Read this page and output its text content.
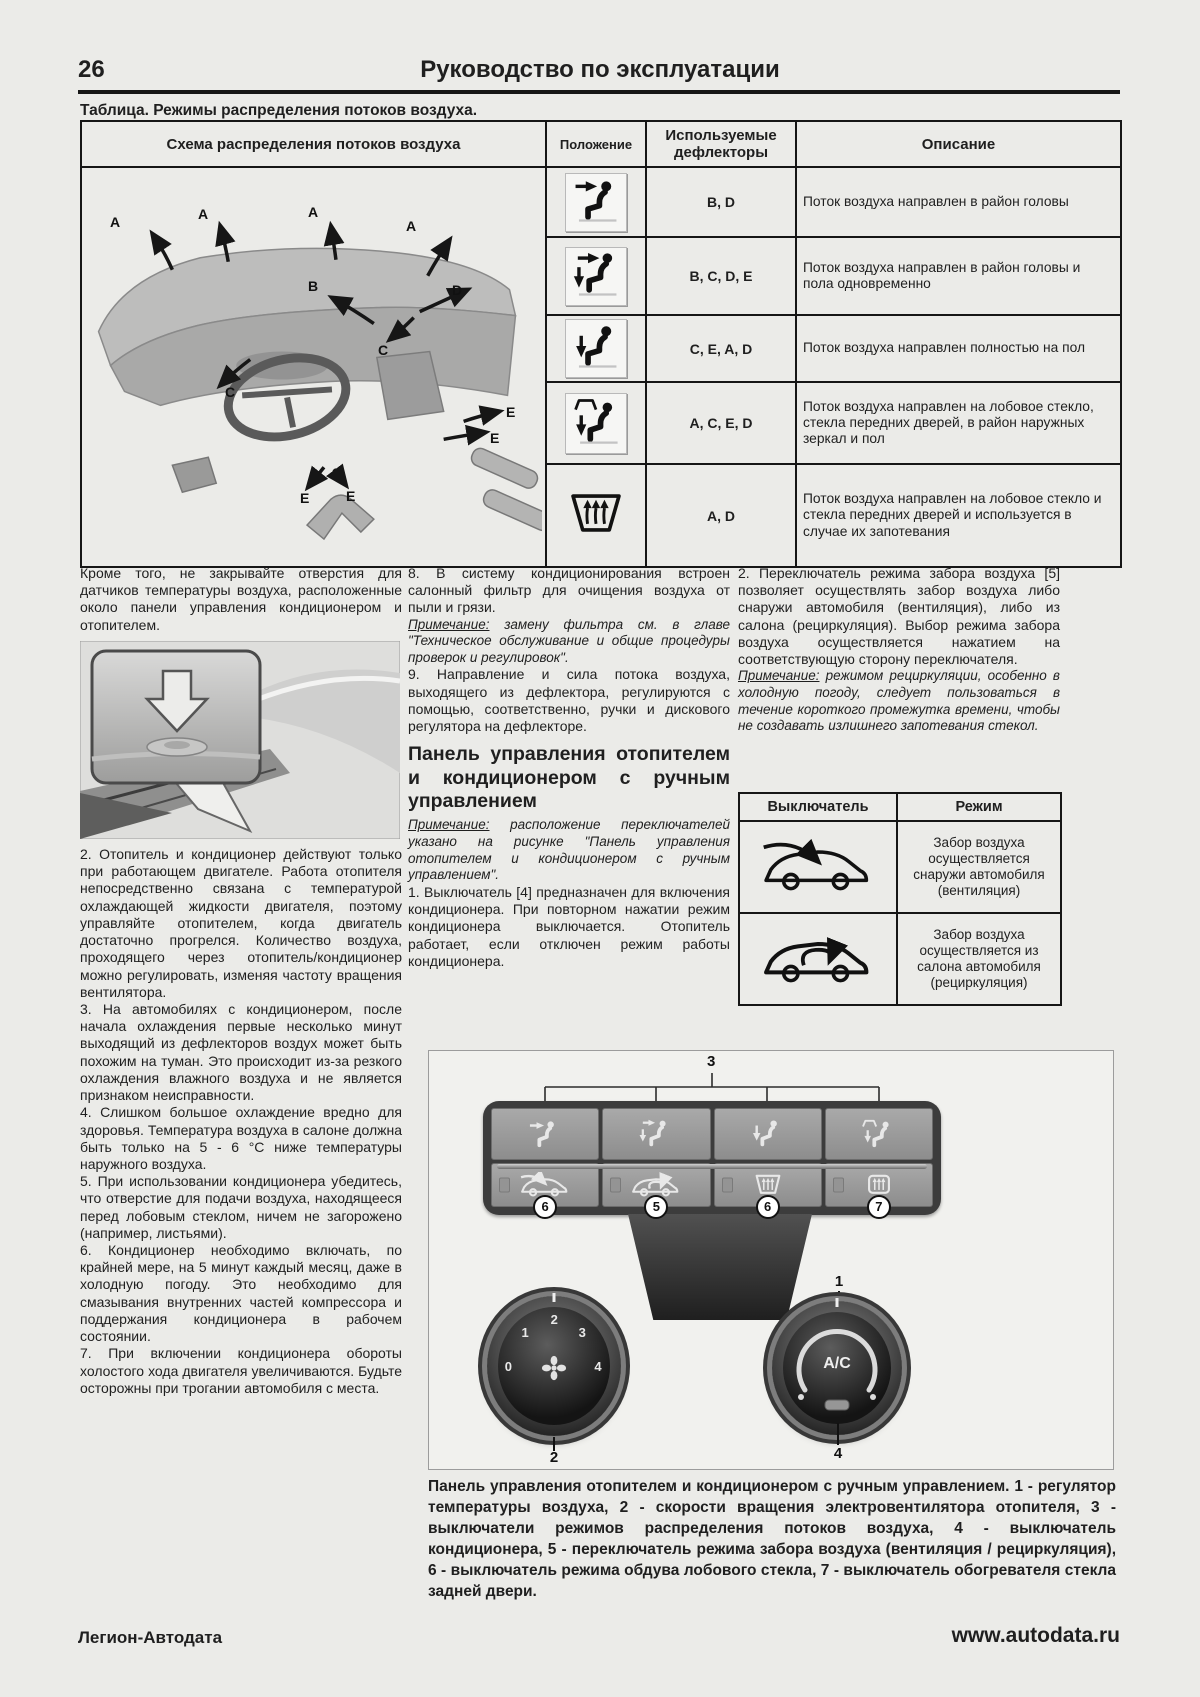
26	Руководство по эксплуатации
Таблица. Режимы распределения потоков воздуха.
Схема распределения потоков воздуха	Положение	Используемые дефлекторы	Описание

A	A	A
A
B	D
C
C
E
E
E	E
		B, D	Поток воздуха направлен в район головы
	B, C, D, E	Поток воздуха направлен в район головы и пола одновременно
	C, E, A, D	Поток воздуха направлен полностью на пол
	A, C, E, D	Поток воздуха направлен на лобовое стекло, стекла передних дверей, в район наружных зеркал и пол
	A, D	Поток воздуха направлен на лобовое стекло и стекла передних дверей и используется в случае их запотевания

Кроме того, не закрывайте отверстия для датчиков температуры воздуха, расположенные около панели управления кондиционером и отопителем.

2. Отопитель и кондиционер действуют только при работающем двигателе. Работа отопителя непосредственно связана с температурой охлаждающей жидкости двигателя, поэтому управляйте отопителем, когда двигатель достаточно прогрелся. Количество воздуха, проходящего через отопитель/кондиционер можно регулировать, изменяя частоту вращения вентилятора.

3. На автомобилях с кондиционером, после начала охлаждения первые несколько минут выходящий из дефлекторов воздух может быть похожим на туман. Это происходит из-за резкого охлаждения влажного воздуха и не является признаком неисправности.

4. Слишком большое охлаждение вредно для здоровья. Температура воздуха в салоне должна быть только на 5 - 6 °C ниже температуры наружного воздуха.

5. При использовании кондиционера убедитесь, что отверстие для подачи воздуха, находящееся перед лобовым стеклом, ничем не загорожено (например, листьями).

6. Кондиционер необходимо включать, по крайней мере, на 5 минут каждый месяц, даже в холодную погоду. Это необходимо для смазывания внутренних частей компрессора и поддержания кондиционера в рабочем состоянии.

7. При включении кондиционера обороты холостого хода двигателя увеличиваются. Будьте осторожны при трогании автомобиля с места.

8. В систему кондиционирования встроен салонный фильтр для очищения воздуха от пыли и грязи.

Примечание: замену фильтра см. в главе "Техническое обслуживание и общие процедуры проверок и регулировок".

9. Направление и сила потока воздуха, выходящего из дефлектора, регулируются с помощью, соответственно, ручки и дискового регулятора на дефлекторе.

Панель управления отопителем и кондиционером с ручным управлением

Примечание: расположение переключателей указано на рисунке "Панель управления отопителем и кондиционером с ручным управлением".

1. Выключатель [4] предназначен для включения кондиционера. При повторном нажатии режим кондиционера выключается. Отопитель работает, если отключен режим работы кондиционера.

2. Переключатель режима забора воздуха [5] позволяет осуществлять забор воздуха либо снаружи автомобиля (вентиляция), либо из салона (рециркуляция). Выбор режима забора воздуха осуществляется нажатием на соответствующую сторону переключателя.

Примечание: режимом рециркуляции, особенно в холодную погоду, следует пользоваться в течение короткого промежутка времени, чтобы не создавать излишнего запотевания стекол.

Выключатель	Режим
	Забор воздуха осуществляется снаружи автомобиля (вентиляция)
	Забор воздуха осуществляется из салона автомобиля (рециркуляция)
3
6	5	6	7
0
1
2
3
4
2
1
A/C
4
Панель управления отопителем и кондиционером с ручным управлением. 1 - регулятор температуры воздуха, 2 - скорости вращения электровентилятора отопителя, 3 - выключатели режимов распределения потоков воздуха, 4 - выключатель кондиционера, 5 - переключатель режима забора воздуха (вентиляция / рециркуляция), 6 - выключатель режима обдува лобового стекла, 7 - выключатель обогревателя стекла задней двери.
Легион-Автодата	www.autodata.ru
